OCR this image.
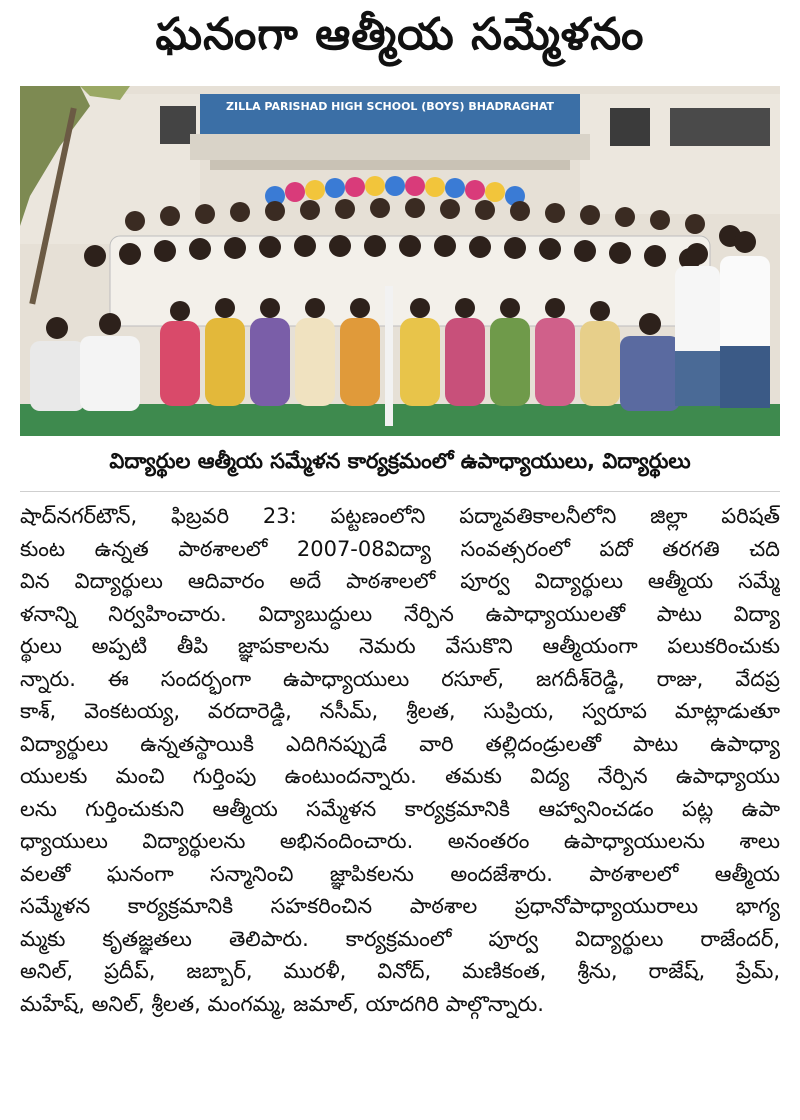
ఘనంగా ఆత్మీయ సమ్మేళనం
ZILLA PARISHAD HIGH SCHOOL (BOYS) BHADRAGHAT
విద్యార్థుల ఆత్మీయ సమ్మేళన కార్యక్రమంలో ఉపాధ్యాయులు, విద్యార్థులు
షాద్‌నగర్‌టౌన్, ఫిబ్రవరి 23: పట్టణంలోని పద్మావతికాలనీలోని జిల్లా పరిషత్
కుంట ఉన్నత పాఠశాలలో 2007-08విద్యా సంవత్సరంలో పదో తరగతి చది
విన విద్యార్థులు ఆదివారం అదే పాఠశాలలో పూర్వ విద్యార్థులు ఆత్మీయ సమ్మే
ళనాన్ని నిర్వహించారు. విద్యాబుద్ధులు నేర్పిన ఉపాధ్యాయులతో పాటు విద్యా
ర్థులు అప్పటి తీపి జ్ఞాపకాలను నెమరు వేసుకొని ఆత్మీయంగా పలుకరించుకు
న్నారు. ఈ సందర్భంగా ఉపాధ్యాయులు రసూల్, జగదీశ్‌రెడ్డి, రాజు, వేదప్ర
కాశ్, వెంకటయ్య, వరదారెడ్డి, నసీమ్, శ్రీలత, సుప్రియ, స్వరూప మాట్లాడుతూ
విద్యార్థులు ఉన్నతస్థాయికి ఎదిగినప్పుడే వారి తల్లిదండ్రులతో పాటు ఉపాధ్యా
యులకు మంచి గుర్తింపు ఉంటుందన్నారు. తమకు విద్య నేర్పిన ఉపాధ్యాయు
లను గుర్తించుకుని ఆత్మీయ సమ్మేళన కార్యక్రమానికి ఆహ్వానించడం పట్ల ఉపా
ధ్యాయులు విద్యార్థులను అభినందించారు. అనంతరం ఉపాధ్యాయులను శాలు
వలతో ఘనంగా సన్మానించి జ్ఞాపికలను అందజేశారు. పాఠశాలలో ఆత్మీయ
సమ్మేళన కార్యక్రమానికి సహకరించిన పాఠశాల ప్రధానోపాధ్యాయురాలు భాగ్య
మ్మకు కృతజ్ఞతలు తెలిపారు. కార్యక్రమంలో పూర్వ విద్యార్థులు రాజేందర్,
అనిల్, ప్రదీప్, జబ్బార్, మురళీ, వినోద్, మణికంత, శ్రీను, రాజేష్, ప్రేమ్,
మహేష్, అనిల్, శ్రీలత, మంగమ్మ, జమాల్, యాదగిరి పాల్గొన్నారు.
